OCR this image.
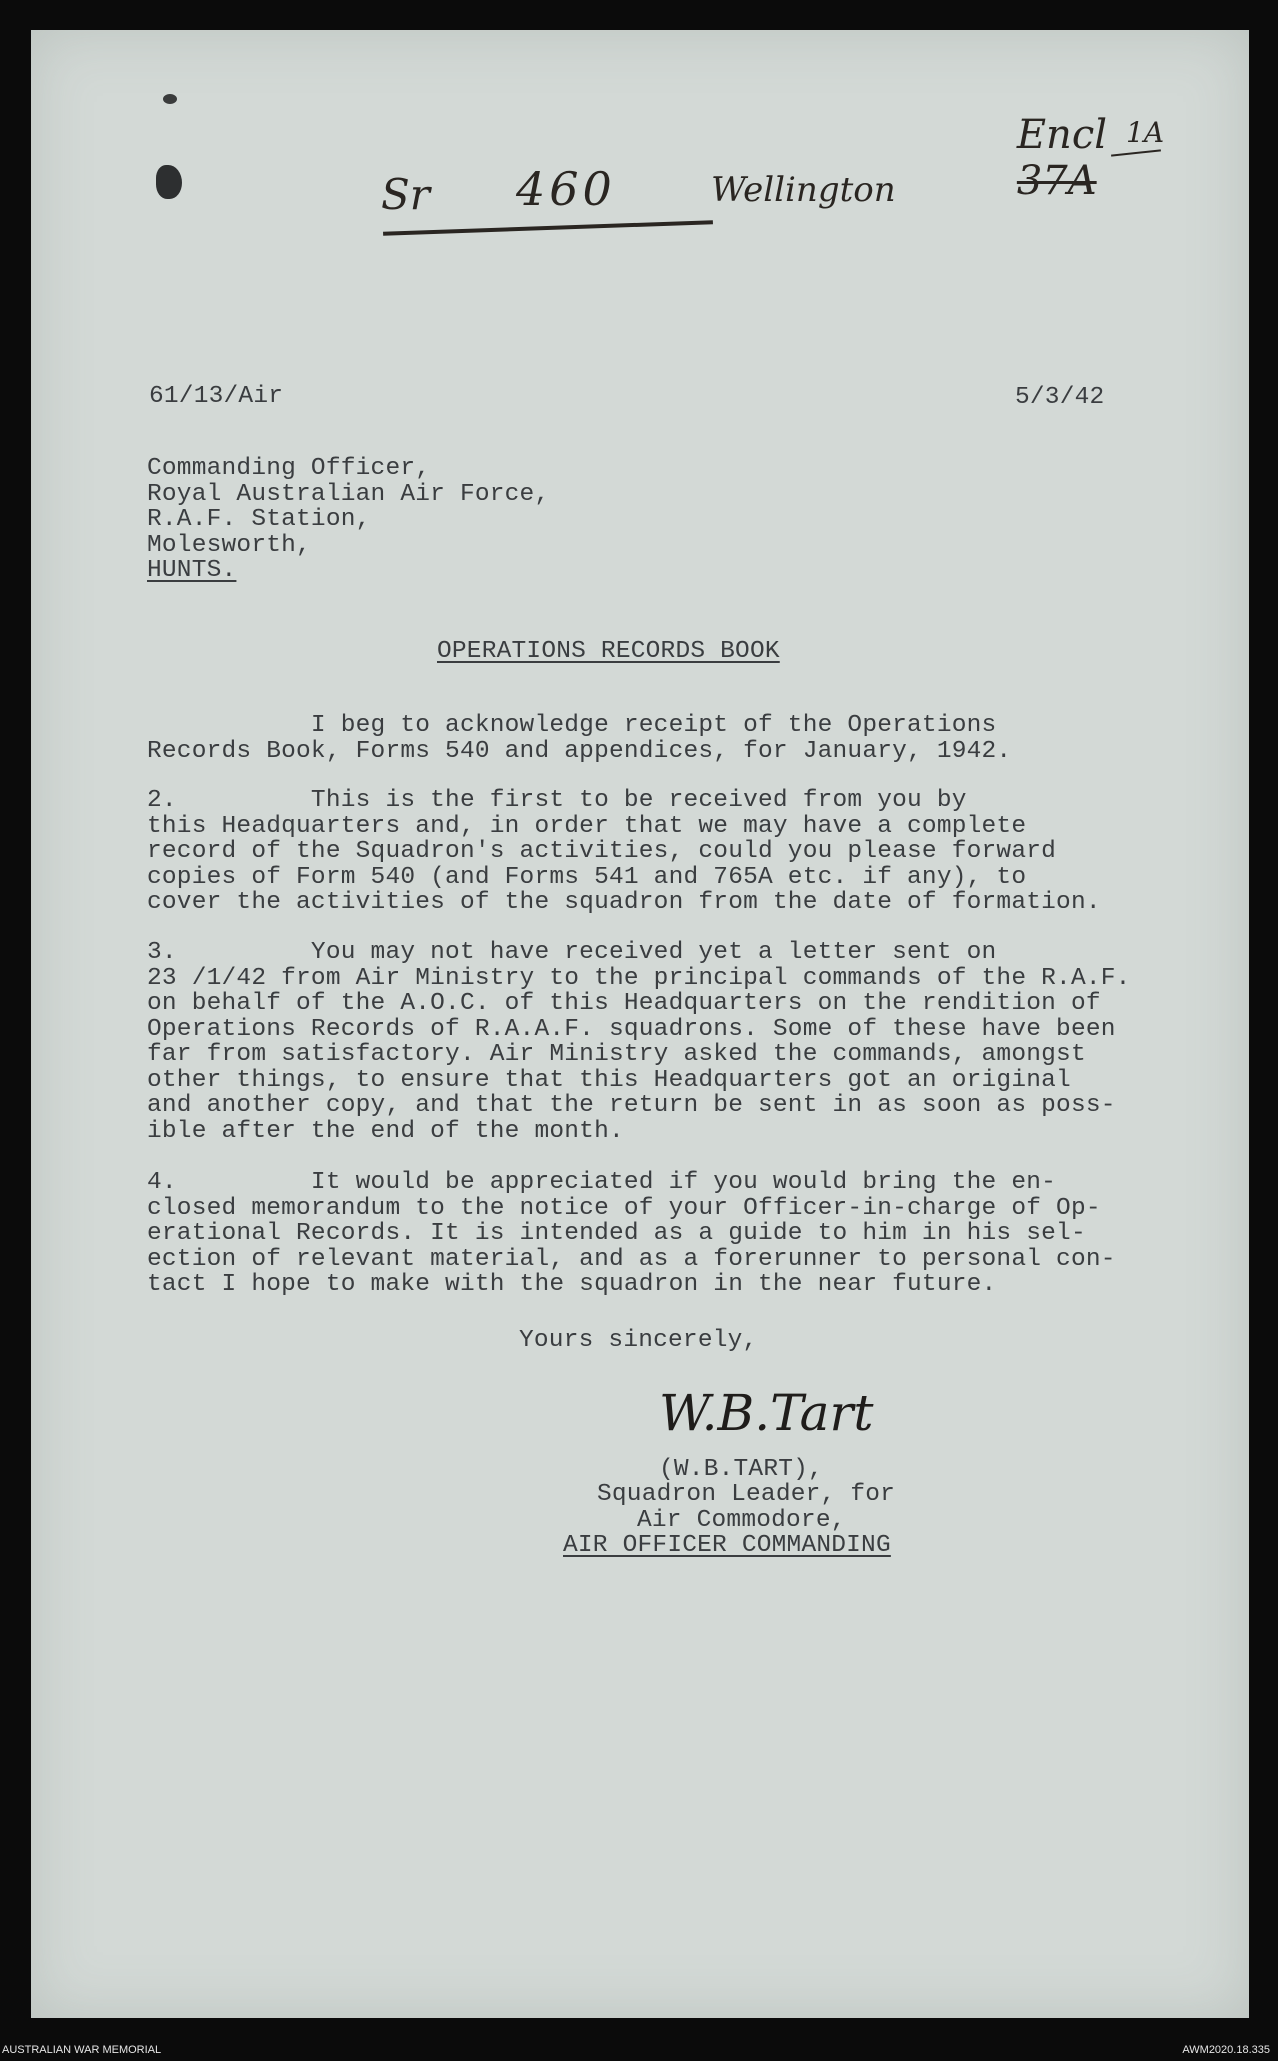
Encl
37A

1A
Sr 460	Wellington
61/13/Air	5/3/42
Commanding Officer,
Royal Australian Air Force,
R.A.F. Station,
Molesworth,
HUNTS.
OPERATIONS RECORDS BOOK
I beg to acknowledge receipt of the Operations
Records Book, Forms 540 and appendices, for January, 1942.
2.         This is the first to be received from you by
this Headquarters and, in order that we may have a complete
record of the Squadron's activities, could you please forward
copies of Form 540 (and Forms 541 and 765A etc. if any), to
cover the activities of the squadron from the date of formation.
3.         You may not have received yet a letter sent on
23 /1/42 from Air Ministry to the principal commands of the R.A.F.
on behalf of the A.O.C. of this Headquarters on the rendition of
Operations Records of R.A.A.F. squadrons. Some of these have been
far from satisfactory. Air Ministry asked the commands, amongst
other things, to ensure that this Headquarters got an original
and another copy, and that the return be sent in as soon as poss-
ible after the end of the month.
4.         It would be appreciated if you would bring the en-
closed memorandum to the notice of your Officer-in-charge of Op-
erational Records. It is intended as a guide to him in his sel-
ection of relevant material, and as a forerunner to personal con-
tact I hope to make with the squadron in the near future.
Yours sincerely,
W.B.Tart
(W.B.TART),
Squadron Leader, for
Air Commodore,
AIR OFFICER COMMANDING
AUSTRALIAN WAR MEMORIAL	AWM2020.18.335
